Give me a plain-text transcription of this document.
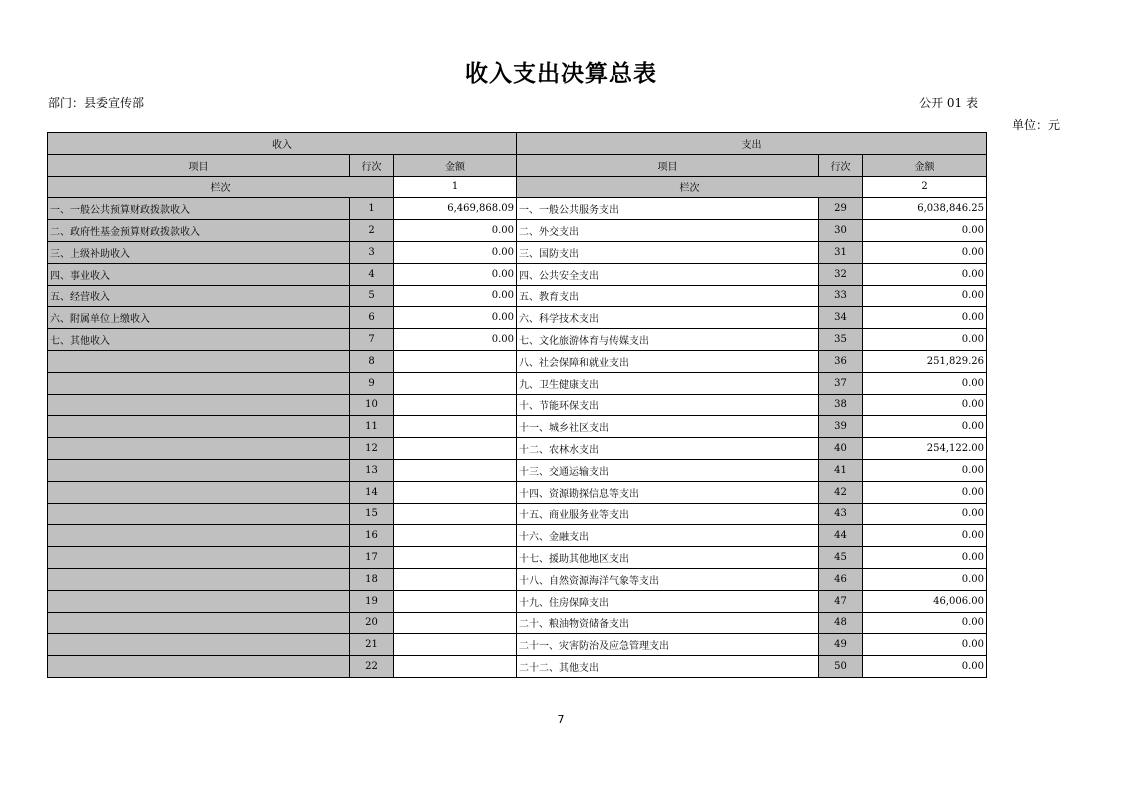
收入支出决算总表
部门：县委宣传部	公开 01 表
单位：元
收入			支出		
项目	行次	金额	项目	行次	金额
栏次		1	栏次		2
一、一般公共预算财政拨款收入	1	6,469,868.09	一、一般公共服务支出	29	6,038,846.25
二、政府性基金预算财政拨款收入	2	0.00	二、外交支出	30	0.00
三、上级补助收入	3	0.00	三、国防支出	31	0.00
四、事业收入	4	0.00	四、公共安全支出	32	0.00
五、经营收入	5	0.00	五、教育支出	33	0.00
六、附属单位上缴收入	6	0.00	六、科学技术支出	34	0.00
七、其他收入	7	0.00	七、文化旅游体育与传媒支出	35	0.00
	8		八、社会保障和就业支出	36	251,829.26
	9		九、卫生健康支出	37	0.00
	10		十、节能环保支出	38	0.00
	11		十一、城乡社区支出	39	0.00
	12		十二、农林水支出	40	254,122.00
	13		十三、交通运输支出	41	0.00
	14		十四、资源勘探信息等支出	42	0.00
	15		十五、商业服务业等支出	43	0.00
	16		十六、金融支出	44	0.00
	17		十七、援助其他地区支出	45	0.00
	18		十八、自然资源海洋气象等支出	46	0.00
	19		十九、住房保障支出	47	46,006.00
	20		二十、粮油物资储备支出	48	0.00
	21		二十一、灾害防治及应急管理支出	49	0.00
	22		二十二、其他支出	50	0.00
7
